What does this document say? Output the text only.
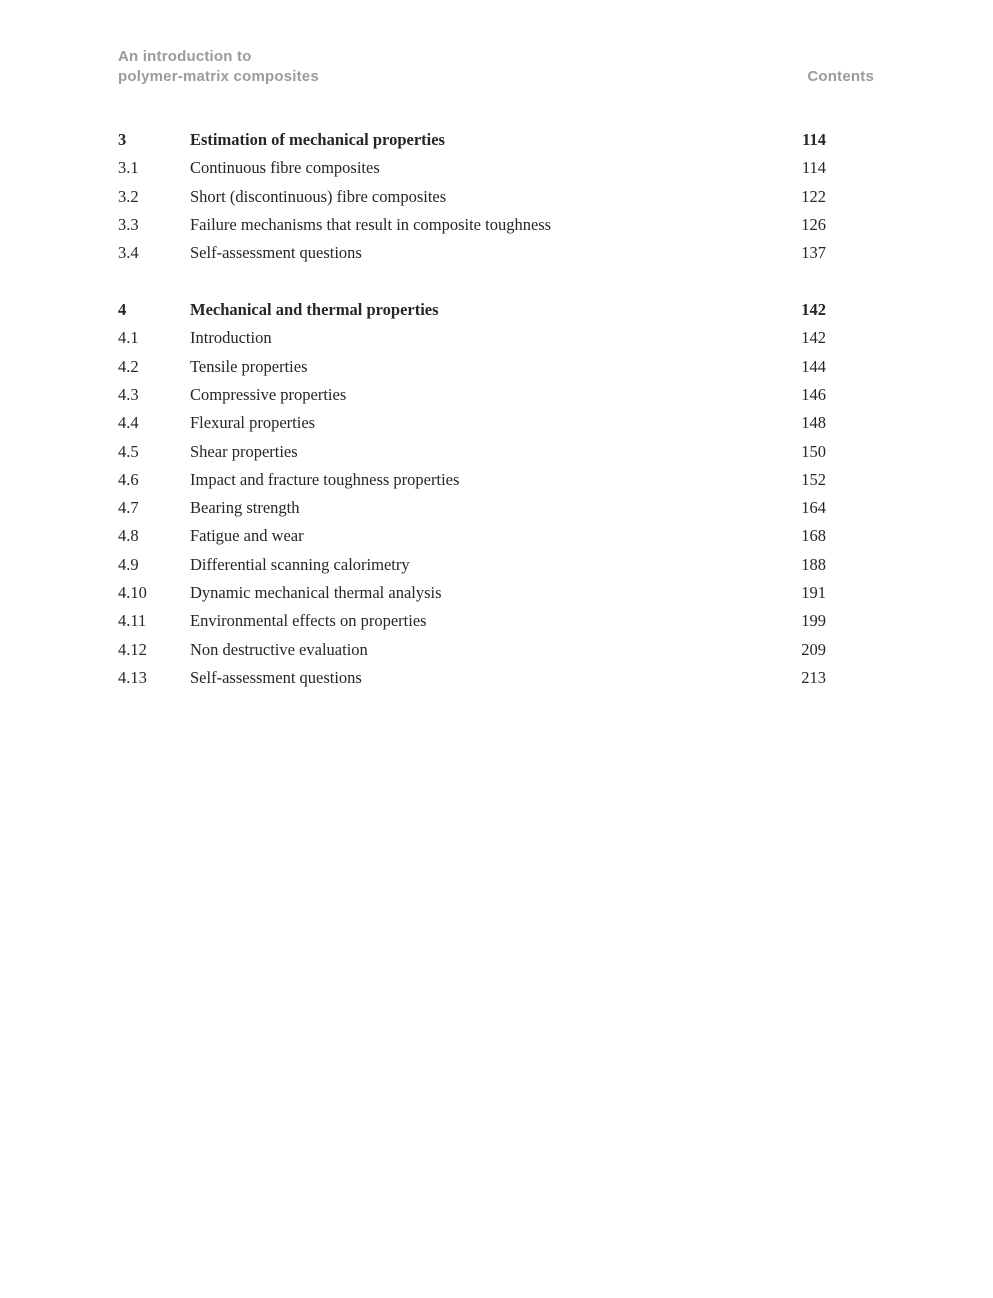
An introduction to
polymer-matrix composites	Contents
3	Estimation of mechanical properties	114
3.1	Continuous fibre composites	114
3.2	Short (discontinuous) fibre composites	122
3.3	Failure mechanisms that result in composite toughness	126
3.4	Self-assessment questions	137
4	Mechanical and thermal properties	142
4.1	Introduction	142
4.2	Tensile properties	144
4.3	Compressive properties	146
4.4	Flexural properties	148
4.5	Shear properties	150
4.6	Impact and fracture toughness properties	152
4.7	Bearing strength	164
4.8	Fatigue and wear	168
4.9	Differential scanning calorimetry	188
4.10	Dynamic mechanical thermal analysis	191
4.11	Environmental effects on properties	199
4.12	Non destructive evaluation	209
4.13	Self-assessment questions	213
